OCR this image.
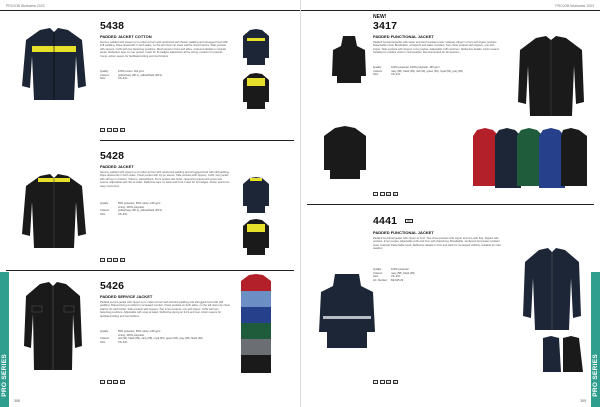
PROJOB Workwear 2023
5438
PADDED JACKET COTTON
Service padded with slower up to collar at front with reinforced with thicker padding and shrugged hood with stiff padding. Rope drawcords in both sides, on the left chest zip chest wall for chest buttons. Side pockets with zippers. Cuffs with two fastening positions. Mesh piped in front and sides. Coloured details in contrast areas. Reflective tape on rear pocket. Insert for ID badges adjustment-all for sizing: position for preside. Comp. action seams for facilitated sitting and tool holders.
Quality:	100% cotton, 310 g/m²
Colours:	yellow/navy (96 1), yellow/black (99 9)
Size:	XS–4XL
⌂	◡	▱	◎
5428
PADDED JACKET
Service padded with slower up to collar at front with reinforced padding and shrugged hood with stiff padding. Rope drawcords in both sides. Chest pocket with zip on sleeve. Side pockets with zippers. Cuffs, two pocket with slit hem in bottom. Colours: yellow/black. Front pocket with hood, zippered pockets with press and seams. Adjustable with ribs at waist. Reflective tape on back and front. Insert for ID badges. Action seams for easy movement.
Quality:	65% polyester, 35% cotton, 245 g/m²
Lining: 100% polyester
Colours:	yellow/navy (96 1), yellow/black (99 9)
Size:	XS–4XL
⌂	◡	▱	◎
5426
PADDED SERVICE JACKET
Padded service jacket with zipper up to collar at front with stitched padding and shrugged hood with stiff padding. Robust lining at collar for increased comfort. Chest pockets on both sides, on the left chest zip chest wall for ID card holder. Side pockets with zippers. Two inner pockets, one with zipper. Cuffs with two fastening positions. Adjustable with snap at waist. Reflective piping on front and rear. Action seams for facilitated sitting and tool holders.
Quality:	65% polyester, 35% cotton, 245 g/m²
Lining: 100% polyester
Colours:	red (30), black (99), navy (58), royal (53), green (64), grey (96), black (99)
Size:	XS–4XL
⌂	◡	▱	◎
PRO SERIES
308
PROJOB Workwear 2023
NEW!
3417
PADDED FUNCTIONAL JACKET
Padded functional jacket with water and wind resistant outer material. Zipper in front with zipper pockets. Detachable hood. Breathable, windproof and water resistant. Two chest pockets with zippers, one with zipper. Side pockets with zippers. Inner pocket. Adjustable cuffs and hem. Reflective details. Action seams. Suitable for outdoor work in cold weather. Recommended for all seasons.
Quality:	100% polyester, 100% polyester, 150 g/m²
Colours:	navy (58), black (99), red (30), green (64), royal (53), grey (96)
Size:	XS–4XL
⌂	◡	▱	◎
4441	HV
PADDED FUNCTIONAL JACKET
Padded functional jacket with zipper at front. Two chest pockets with zipper and one with flap. Zipped side pockets. Inner pocket. Adjustable cuffs and hem with drawstring. Breathable, windproof and water resistant outer material. Detachable hood. Reflective details in front and back for increased visibility. Suitable for cold weather.
Quality:	100% polyester
Colours:	navy (58), black (99)
Size:	XS–4XL
Art. Number: BE 645 29
⌂	◡	▱	◎	PRO SERIES
309
